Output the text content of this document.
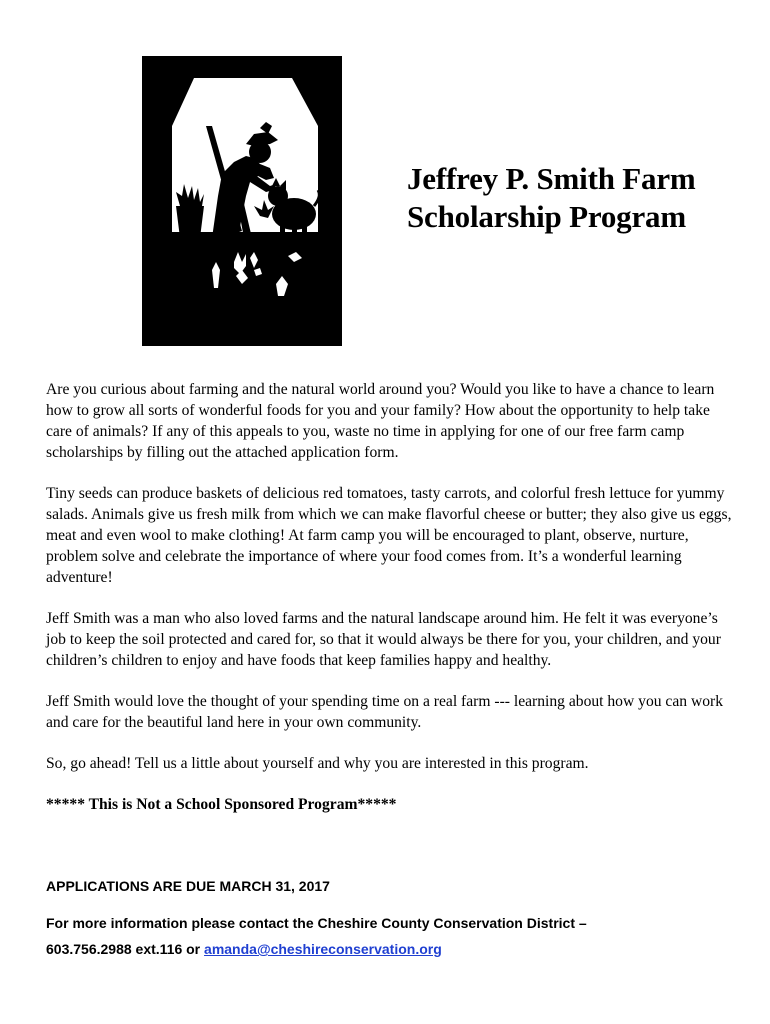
Jeffrey P. Smith Farm
Scholarship Program

Are you curious about farming and the natural world around you? Would you like to have a chance to learn how to grow all sorts of wonderful foods for you and your family? How about the opportunity to help take care of animals? If any of this appeals to you, waste no time in applying for one of our free farm camp scholarships by filling out the attached application form.

Tiny seeds can produce baskets of delicious red tomatoes, tasty carrots, and colorful fresh lettuce for yummy salads. Animals give us fresh milk from which we can make flavorful cheese or butter; they also give us eggs, meat and even wool to make clothing! At farm camp you will be encouraged to plant, observe, nurture, problem solve and celebrate the importance of where your food comes from. It’s a wonderful learning adventure!

Jeff Smith was a man who also loved farms and the natural landscape around him. He felt it was everyone’s job to keep the soil protected and cared for, so that it would always be there for you, your children, and your children’s children to enjoy and have foods that keep families happy and healthy.

Jeff Smith would love the thought of your spending time on a real farm --- learning about how you can work and care for the beautiful land here in your own community.

So, go ahead! Tell us a little about yourself and why you are interested in this program.

***** This is Not a School Sponsored Program*****

APPLICATIONS ARE DUE MARCH 31, 2017

For more information please contact the Cheshire County Conservation District –
603.756.2988 ext.116 or amanda@cheshireconservation.org
